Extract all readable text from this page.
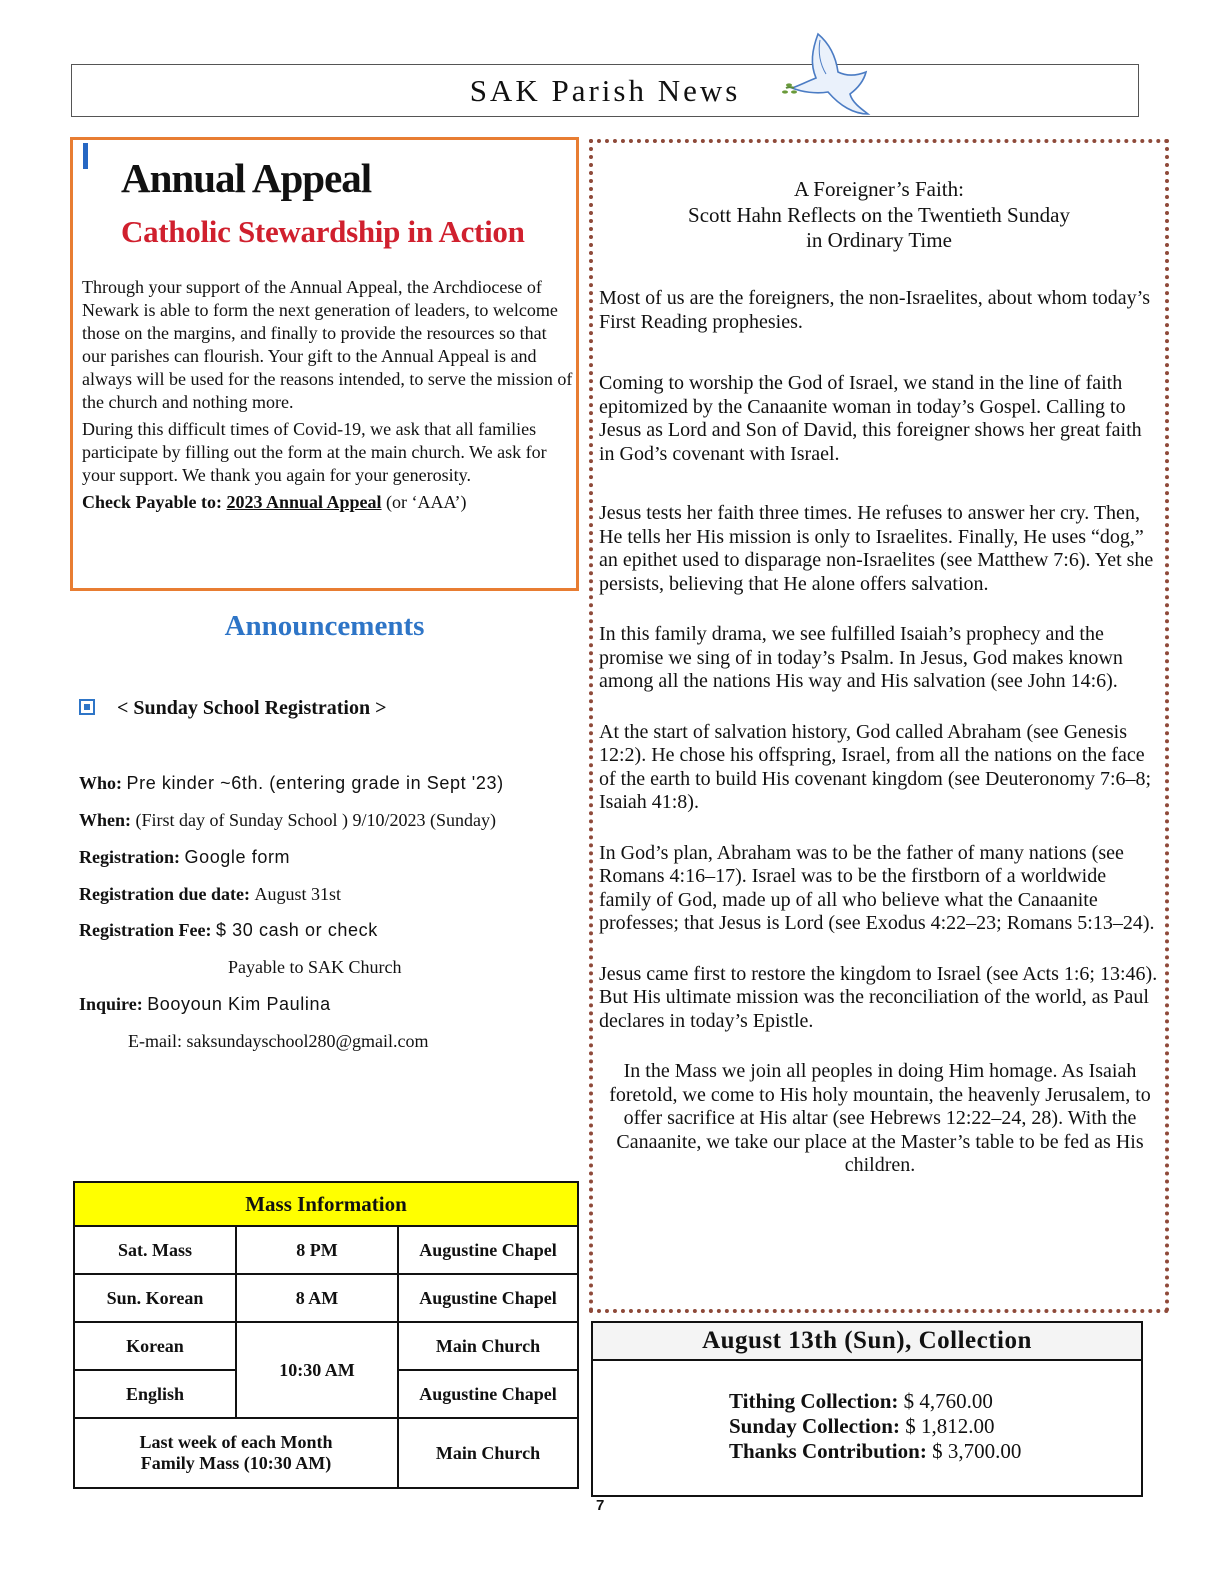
SAK Parish News
Annual Appeal
Catholic Stewardship in Action

Through your support of the Annual Appeal, the Archdiocese of Newark is able to form the next generation of leaders, to welcome those on the margins, and finally to provide the resources so that our parishes can flourish. Your gift to the Annual Appeal is and always will be used for the reasons intended, to serve the mission of the church and nothing more.

During this difficult times of Covid-19, we ask that all families participate by filling out the form at the main church. We ask for your support. We thank you again for your generosity.

Check Payable to: 2023 Annual Appeal (or ‘AAA’)

Announcements
< Sunday School Registration >
Who: Pre kinder ~6th. (entering grade in Sept '23)
When: (First day of Sunday School ) 9/10/2023 (Sunday)
Registration: Google form
Registration due date: August 31st
Registration Fee: $ 30 cash or check
Payable to SAK Church
Inquire: Booyoun Kim Paulina
E-mail: saksundayschool280@gmail.com
Mass Information		
Sat. Mass	8 PM	Augustine Chapel
Sun. Korean	8 AM	Augustine Chapel
Korean	10:30 AM	Main Church
English		Augustine Chapel

Last week of each Month
Family Mass (10:30 AM)		Main Church
A Foreigner’s Faith:
Scott Hahn Reflects on the Twentieth Sunday
in Ordinary Time

Most of us are the foreigners, the non-Israelites, about whom today’s First Reading prophesies.

Coming to worship the God of Israel, we stand in the line of faith epitomized by the Canaanite woman in today’s Gospel. Calling to Jesus as Lord and Son of David, this foreigner shows her great faith in God’s covenant with Israel.

Jesus tests her faith three times. He refuses to answer her cry. Then, He tells her His mission is only to Israelites. Finally, He uses “dog,” an epithet used to disparage non-Israelites (see Matthew 7:6). Yet she persists, believing that He alone offers salvation.

In this family drama, we see fulfilled Isaiah’s prophecy and the promise we sing of in today’s Psalm. In Jesus, God makes known among all the nations His way and His salvation (see John 14:6).

At the start of salvation history, God called Abraham (see Genesis 12:2). He chose his offspring, Israel, from all the nations on the face of the earth to build His covenant kingdom (see Deuteronomy 7:6–8; Isaiah 41:8).

In God’s plan, Abraham was to be the father of many nations (see Romans 4:16–17). Israel was to be the firstborn of a worldwide family of God, made up of all who believe what the Canaanite professes; that Jesus is Lord (see Exodus 4:22–23; Romans 5:13–24).

Jesus came first to restore the kingdom to Israel (see Acts 1:6; 13:46). But His ultimate mission was the reconciliation of the world, as Paul declares in today’s Epistle.

In the Mass we join all peoples in doing Him homage. As Isaiah foretold, we come to His holy mountain, the heavenly Jerusalem, to offer sacrifice at His altar (see Hebrews 12:22–24, 28). With the Canaanite, we take our place at the Master’s table to be fed as His children.

August 13th (Sun), Collection
Tithing Collection: $ 4,760.00
Sunday Collection: $ 1,812.00
Thanks Contribution: $ 3,700.00
7
